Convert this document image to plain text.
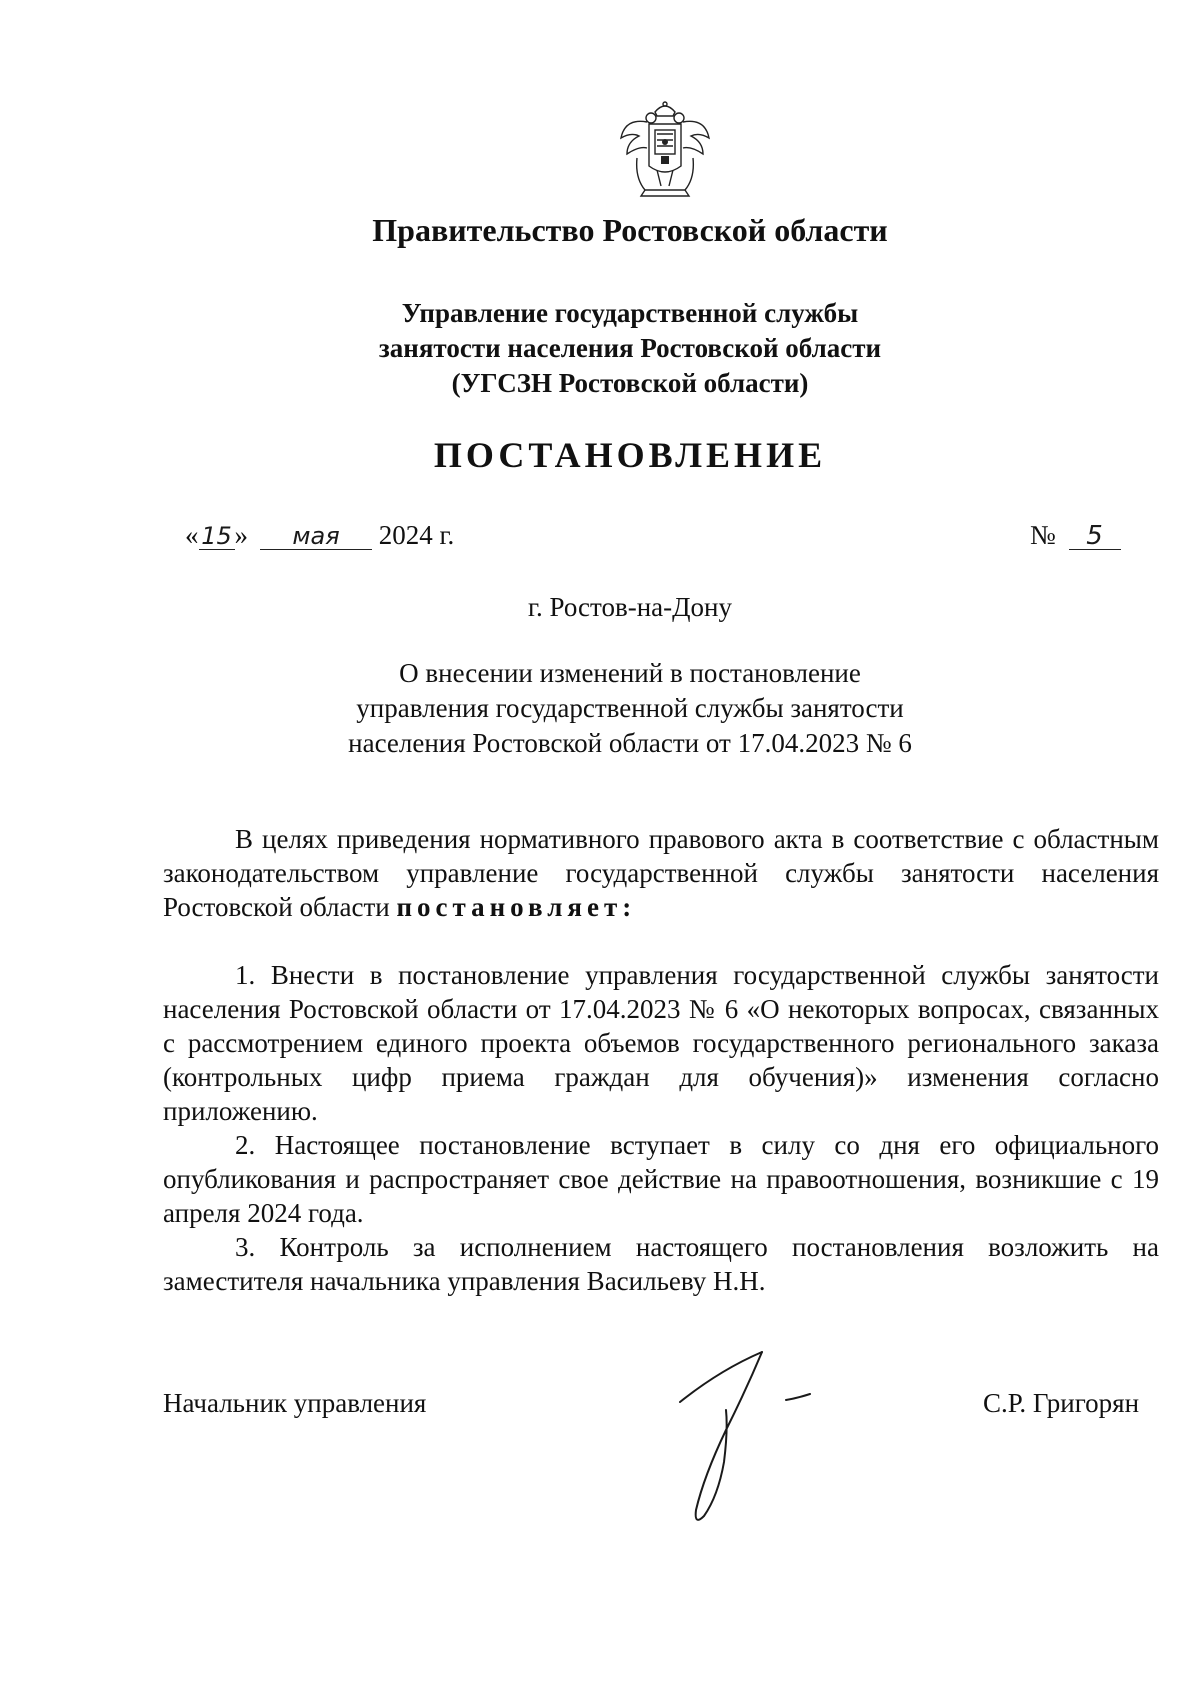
Правительство Ростовской области
Управление государственной службы
занятости населения Ростовской области
(УГСЗН Ростовской области)
ПОСТАНОВЛЕНИЕ
« 15 » мая 2024 г.	№ 5
г. Ростов-на-Дону
О внесении изменений в постановление
управления государственной службы занятости
населения Ростовской области от 17.04.2023 № 6

В целях приведения нормативного правового акта в соответствие с областным законодательством управление государственной службы занятости населения Ростовской области постановляет:

1. Внести в постановление управления государственной службы занятости населения Ростовской области от 17.04.2023 № 6 «О некоторых вопросах, связанных с рассмотрением единого проекта объемов государственного регионального заказа (контрольных цифр приема граждан для обучения)» изменения согласно приложению.

2. Настоящее постановление вступает в силу со дня его официального опубликования и распространяет свое действие на правоотношения, возникшие с 19 апреля 2024 года.

3. Контроль за исполнением настоящего постановления возложить на заместителя начальника управления Васильеву Н.Н.

Начальник управления	С.Р. Григорян
